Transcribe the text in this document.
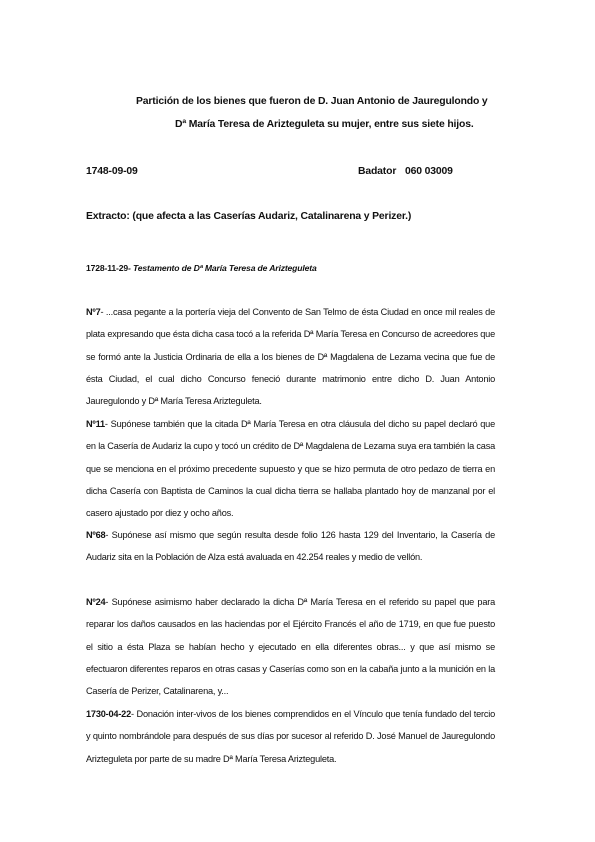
Partición de los bienes que fueron de D. Juan Antonio de Jauregulondo y
Dª María Teresa de Arizteguleta su mujer, entre sus siete hijos.
1748-09-09	Badator 060 03009
Extracto: (que afecta a las Caserías Audariz, Catalinarena y Perizer.)
1728-11-29- Testamento de Dª María Teresa de Arizteguleta
Nº7- ...casa pegante a la portería vieja del Convento de San Telmo de ésta Ciudad en once mil reales de plata expresando que ésta dicha casa tocó a la referida Dª María Teresa en Concurso de acreedores que se formó ante la Justicia Ordinaria de ella a los bienes de Dª Magdalena de Lezama vecina que fue de ésta Ciudad, el cual dicho Concurso feneció durante matrimonio entre dicho D. Juan Antonio Jauregulondo y Dª María Teresa Arizteguleta.
Nº11- Supónese también que la citada Dª María Teresa en otra cláusula del dicho su papel declaró que en la Casería de Audariz la cupo y tocó un crédito de Dª Magdalena de Lezama suya era también la casa que se menciona en el próximo precedente supuesto y que se hizo permuta de otro pedazo de tierra en dicha Casería con Baptista de Caminos la cual dicha tierra se hallaba plantado hoy de manzanal por el casero ajustado por diez y ocho años.
Nº68- Supónese así mismo que según resulta desde folio 126 hasta 129 del Inventario, la Casería de Audariz sita en la Población de Alza está avaluada en 42.254 reales y medio de vellón.
Nº24- Supónese asimismo haber declarado la dicha Dª María Teresa en el referido su papel que para reparar los daños causados en las haciendas por el Ejército Francés el año de 1719, en que fue puesto el sitio a ésta Plaza se habían hecho y ejecutado en ella diferentes obras... y que así mismo se efectuaron diferentes reparos en otras casas y Caserías como son en la cabaña junto a la munición en la Casería de Perizer, Catalinarena, y...
1730-04-22- Donación inter-vivos de los bienes comprendidos en el Vínculo que tenía fundado del tercio y quinto nombrándole para después de sus días por sucesor al referido D. José Manuel de Jauregulondo Arizteguleta por parte de su madre Dª María Teresa Arizteguleta.
